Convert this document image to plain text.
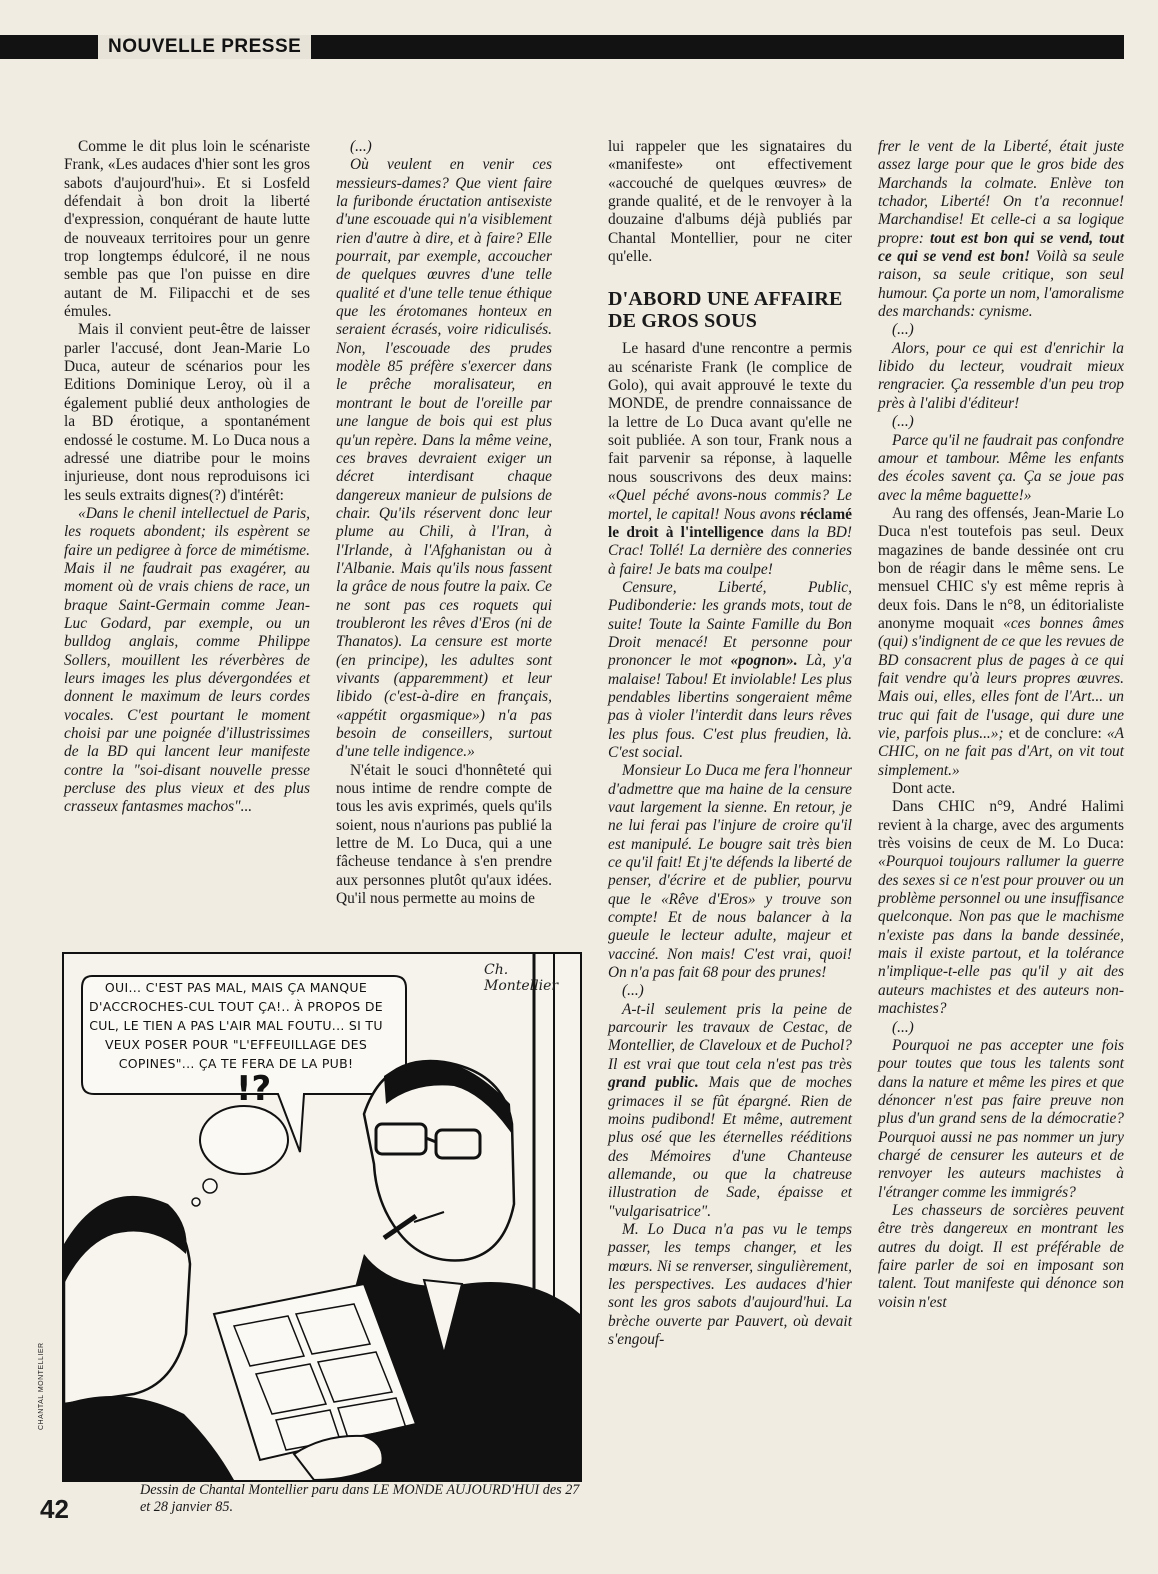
NOUVELLE PRESSE

Comme le dit plus loin le scénariste Frank, «Les audaces d'hier sont les gros sabots d'aujourd'hui». Et si Losfeld défendait à bon droit la liberté d'expression, conquérant de haute lutte de nouveaux territoires pour un genre trop longtemps édulcoré, il ne nous semble pas que l'on puisse en dire autant de M. Filipacchi et de ses émules.

Mais il convient peut-être de laisser parler l'accusé, dont Jean-Marie Lo Duca, auteur de scénarios pour les Editions Dominique Leroy, où il a également publié deux anthologies de la BD érotique, a spontanément endossé le costume. M. Lo Duca nous a adressé une diatribe pour le moins injurieuse, dont nous reproduisons ici les seuls extraits dignes(?) d'intérêt:

«Dans le chenil intellectuel de Paris, les roquets abondent; ils espèrent se faire un pedigree à force de mimétisme. Mais il ne faudrait pas exagérer, au moment où de vrais chiens de race, un braque Saint-Germain comme Jean-Luc Godard, par exemple, ou un bulldog anglais, comme Philippe Sollers, mouillent les réverbères de leurs images les plus dévergondées et donnent le maximum de leurs cordes vocales. C'est pourtant le moment choisi par une poignée d'illustrissimes de la BD qui lancent leur manifeste contre la "soi-disant nouvelle presse percluse des plus vieux et des plus crasseux fantasmes machos"...

(...)

Où veulent en venir ces messieurs-dames? Que vient faire la furibonde éructation antisexiste d'une escouade qui n'a visiblement rien d'autre à dire, et à faire? Elle pourrait, par exemple, accoucher de quelques œuvres d'une telle qualité et d'une telle tenue éthique que les érotomanes honteux en seraient écrasés, voire ridiculisés. Non, l'escouade des prudes modèle 85 préfère s'exercer dans le prêche moralisateur, en montrant le bout de l'oreille par une langue de bois qui est plus qu'un repère. Dans la même veine, ces braves devraient exiger un décret interdisant chaque dangereux manieur de pulsions de chair. Qu'ils réservent donc leur plume au Chili, à l'Iran, à l'Irlande, à l'Afghanistan ou à l'Albanie. Mais qu'ils nous fassent la grâce de nous foutre la paix. Ce ne sont pas ces roquets qui troubleront les rêves d'Eros (ni de Thanatos). La censure est morte (en principe), les adultes sont vivants (apparemment) et leur libido (c'est-à-dire en français, «appétit orgasmique») n'a pas besoin de conseillers, surtout d'une telle indigence.»

N'était le souci d'honnêteté qui nous intime de rendre compte de tous les avis exprimés, quels qu'ils soient, nous n'aurions pas publié la lettre de M. Lo Duca, qui a une fâcheuse tendance à s'en prendre aux personnes plutôt qu'aux idées. Qu'il nous permette au moins de

lui rappeler que les signataires du «manifeste» ont effectivement «accouché de quelques œuvres» de grande qualité, et de le renvoyer à la douzaine d'albums déjà publiés par Chantal Montellier, pour ne citer qu'elle.

D'ABORD UNE AFFAIRE DE GROS SOUS

Le hasard d'une rencontre a permis au scénariste Frank (le complice de Golo), qui avait approuvé le texte du MONDE, de prendre connaissance de la lettre de Lo Duca avant qu'elle ne soit publiée. A son tour, Frank nous a fait parvenir sa réponse, à laquelle nous souscrivons des deux mains: «Quel péché avons-nous commis? Le mortel, le capital! Nous avons réclamé le droit à l'intelligence dans la BD! Crac! Tollé! La dernière des conneries à faire! Je bats ma coulpe!

Censure, Liberté, Public, Pudibonderie: les grands mots, tout de suite! Toute la Sainte Famille du Bon Droit menacé! Et personne pour prononcer le mot «pognon». Là, y'a malaise! Tabou! Et inviolable! Les plus pendables libertins songeraient même pas à violer l'interdit dans leurs rêves les plus fous. C'est plus freudien, là. C'est social.

Monsieur Lo Duca me fera l'honneur d'admettre que ma haine de la censure vaut largement la sienne. En retour, je ne lui ferai pas l'injure de croire qu'il est manipulé. Le bougre sait très bien ce qu'il fait! Et j'te défends la liberté de penser, d'écrire et de publier, pourvu que le «Rêve d'Eros» y trouve son compte! Et de nous balancer à la gueule le lecteur adulte, majeur et vacciné. Non mais! C'est vrai, quoi! On n'a pas fait 68 pour des prunes!

(...)

A-t-il seulement pris la peine de parcourir les travaux de Cestac, de Montellier, de Claveloux et de Puchol? Il est vrai que tout cela n'est pas très grand public. Mais que de moches grimaces il se fût épargné. Rien de moins pudibond! Et même, autrement plus osé que les éternelles rééditions des Mémoires d'une Chanteuse allemande, ou que la chatreuse illustration de Sade, épaisse et "vulgarisatrice".

M. Lo Duca n'a pas vu le temps passer, les temps changer, et les mœurs. Ni se renverser, singulièrement, les perspectives. Les audaces d'hier sont les gros sabots d'aujourd'hui. La brèche ouverte par Pauvert, où devait s'engouf-

frer le vent de la Liberté, était juste assez large pour que le gros bide des Marchands la colmate. Enlève ton tchador, Liberté! On t'a reconnue! Marchandise! Et celle-ci a sa logique propre: tout est bon qui se vend, tout ce qui se vend est bon! Voilà sa seule raison, sa seule critique, son seul humour. Ça porte un nom, l'amoralisme des marchands: cynisme.

(...)

Alors, pour ce qui est d'enrichir la libido du lecteur, voudrait mieux rengracier. Ça ressemble d'un peu trop près à l'alibi d'éditeur!

(...)

Parce qu'il ne faudrait pas confondre amour et tambour. Même les enfants des écoles savent ça. Ça se joue pas avec la même baguette!»

Au rang des offensés, Jean-Marie Lo Duca n'est toutefois pas seul. Deux magazines de bande dessinée ont cru bon de réagir dans le même sens. Le mensuel CHIC s'y est même repris à deux fois. Dans le n°8, un éditorialiste anonyme moquait «ces bonnes âmes (qui) s'indignent de ce que les revues de BD consacrent plus de pages à ce qui fait vendre qu'à leurs propres œuvres. Mais oui, elles, elles font de l'Art... un truc qui fait de l'usage, qui dure une vie, parfois plus...»; et de conclure: «A CHIC, on ne fait pas d'Art, on vit tout simplement.»

Dont acte.

Dans CHIC n°9, André Halimi revient à la charge, avec des arguments très voisins de ceux de M. Lo Duca: «Pourquoi toujours rallumer la guerre des sexes si ce n'est pour prouver ou un problème personnel ou une insuffisance quelconque. Non pas que le machisme n'existe pas dans la bande dessinée, mais il existe partout, et la tolérance n'implique-t-elle pas qu'il y ait des auteurs machistes et des auteurs non-machistes?

(...)

Pourquoi ne pas accepter une fois pour toutes que tous les talents sont dans la nature et même les pires et que dénoncer n'est pas faire preuve non plus d'un grand sens de la démocratie? Pourquoi aussi ne pas nommer un jury chargé de censurer les auteurs et de renvoyer les auteurs machistes à l'étranger comme les immigrés?

Les chasseurs de sorcières peuvent être très dangereux en montrant les autres du doigt. Il est préférable de faire parler de soi en imposant son talent. Tout manifeste qui dénonce son voisin n'est

OUI... C'EST PAS MAL, MAIS ÇA MANQUE D'ACCROCHES-CUL TOUT ÇA!.. À PROPOS DE CUL, LE TIEN A PAS L'AIR MAL FOUTU... SI TU VEUX POSER POUR "L'EFFEUILLAGE DES COPINES"... ÇA TE FERA DE LA PUB!
!?
Ch. Montellier
CHANTAL MONTELLIER
Dessin de Chantal Montellier paru dans LE MONDE AUJOURD'HUI des 27 et 28 janvier 85.
42
